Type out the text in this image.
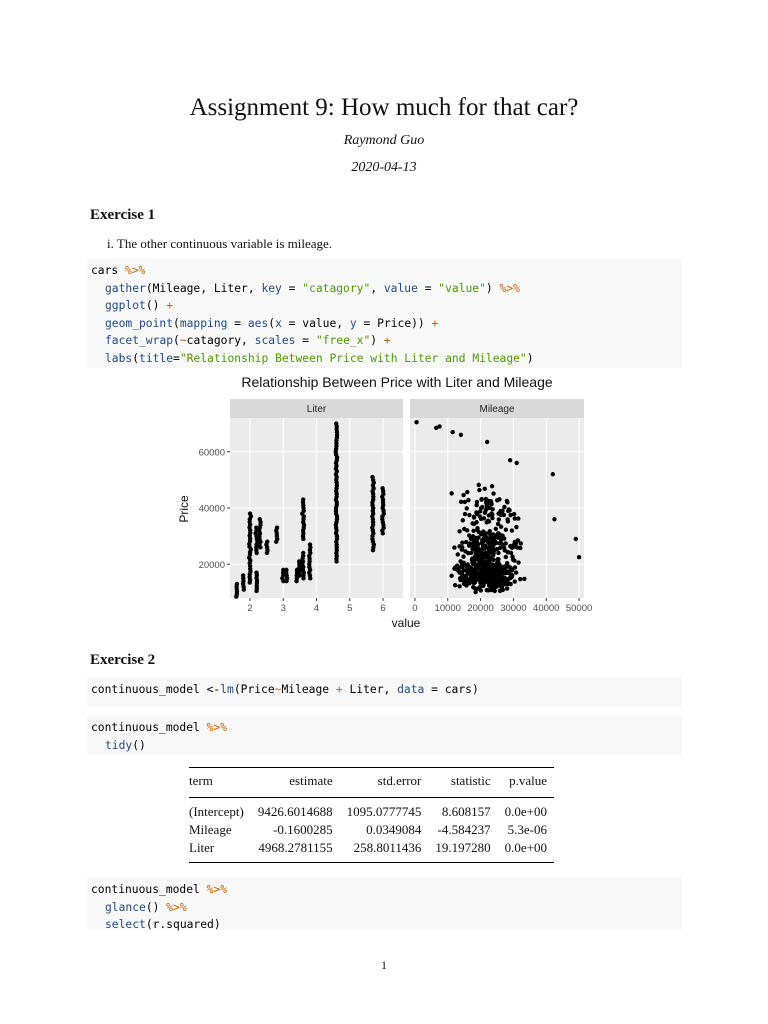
Assignment 9: How much for that car?
Raymond Guo
2020-04-13
Exercise 1
i. The other continuous variable is mileage.
cars %>%
gather(Mileage, Liter, key = "catagory", value = "value") %>%
ggplot() +
geom_point(mapping = aes(x = value, y = Price)) +
facet_wrap(~catagory, scales = "free_x") +
labs(title="Relationship Between Price with Liter and Mileage")
Relationship Between Price with Liter and Mileage
value
Price
Liter
2	3	4	5	6
Mileage
0 10000 20000 30000 40000 50000
20000
40000
60000
Exercise 2
continuous_model <-lm(Price~Mileage + Liter, data = cars)
continuous_model %>%
tidy()
term	estimate	std.error	statistic	p.value
(Intercept)	9426.6014688	1095.0777745	8.608157	0.0e+00
Mileage	-0.1600285	0.0349084	-4.584237	5.3e-06
Liter	4968.2781155	258.8011436	19.197280	0.0e+00
continuous_model %>%
glance() %>%
select(r.squared)
1
